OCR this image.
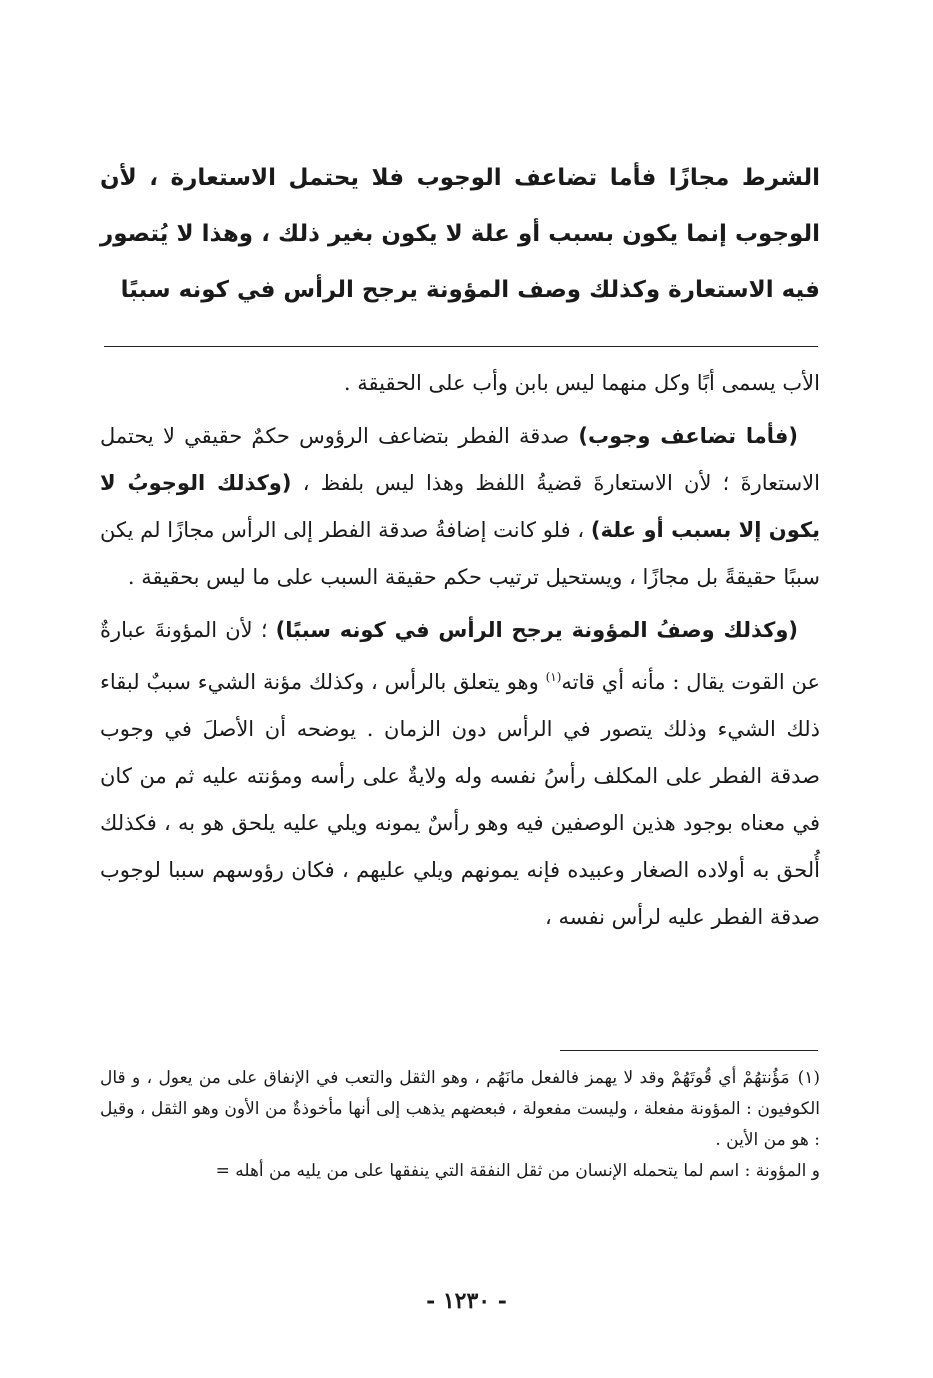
الشرط مجازًا فأما تضاعف الوجوب فلا يحتمل الاستعارة ، لأن الوجوب إنما يكون بسبب أو علة لا يكون بغير ذلك ، وهذا لا يُتصور فيه الاستعارة وكذلك وصف المؤونة يرجح الرأس في كونه سببًا

الأب يسمى أبًا وكل منهما ليس بابن وأب على الحقيقة .

(فأما تضاعف وجوب) صدقة الفطر بتضاعف الرؤوس حكمٌ حقيقي لا يحتمل الاستعارةَ ؛ لأن الاستعارةَ قضيةُ اللفظ وهذا ليس بلفظ ، (وكذلك الوجوبُ لا يكون إلا بسبب أو علة) ، فلو كانت إضافةُ صدقة الفطر إلى الرأس مجازًا لم يكن سببًا حقيقةً بل مجازًا ، ويستحيل ترتيب حكم حقيقة السبب على ما ليس بحقيقة .

(وكذلك وصفُ المؤونة يرجح الرأس في كونه سببًا) ؛ لأن المؤونةَ عبارةٌ عن القوت يقال : مأنه أي قاته$^{(١)}$ وهو يتعلق بالرأس ، وكذلك مؤنة الشيء سببٌ لبقاء ذلك الشيء وذلك يتصور في الرأس دون الزمان . يوضحه أن الأصلَ في وجوب صدقة الفطر على المكلف رأسُ نفسه وله ولايةٌ على رأسه ومؤنته عليه ثم من كان في معناه بوجود هذين الوصفين فيه وهو رأسٌ يمونه ويلي عليه يلحق هو به ، فكذلك أُلحق به أولاده الصغار وعبيده فإنه يمونهم ويلي عليهم ، فكان رؤوسهم سببا لوجوب صدقة الفطر عليه لرأس نفسه ،

(١)مَؤُنتهُمْ أي قُوتَهُمْ وقد لا يهمز فالفعل مانَهُم ، وهو الثقل والتعب في الإنفاق على من يعول ، و قال الكوفيون : المؤونة مفعلة ، وليست مفعولة ، فبعضهم يذهب إلى أنها مأخوذةٌ من الأون وهو الثقل ، وقيل : هو من الأين .

و المؤونة : اسم لما يتحمله الإنسان من ثقل النفقة التي ينفقها على من يليه من أهله =

- ١٢٣٠ -
